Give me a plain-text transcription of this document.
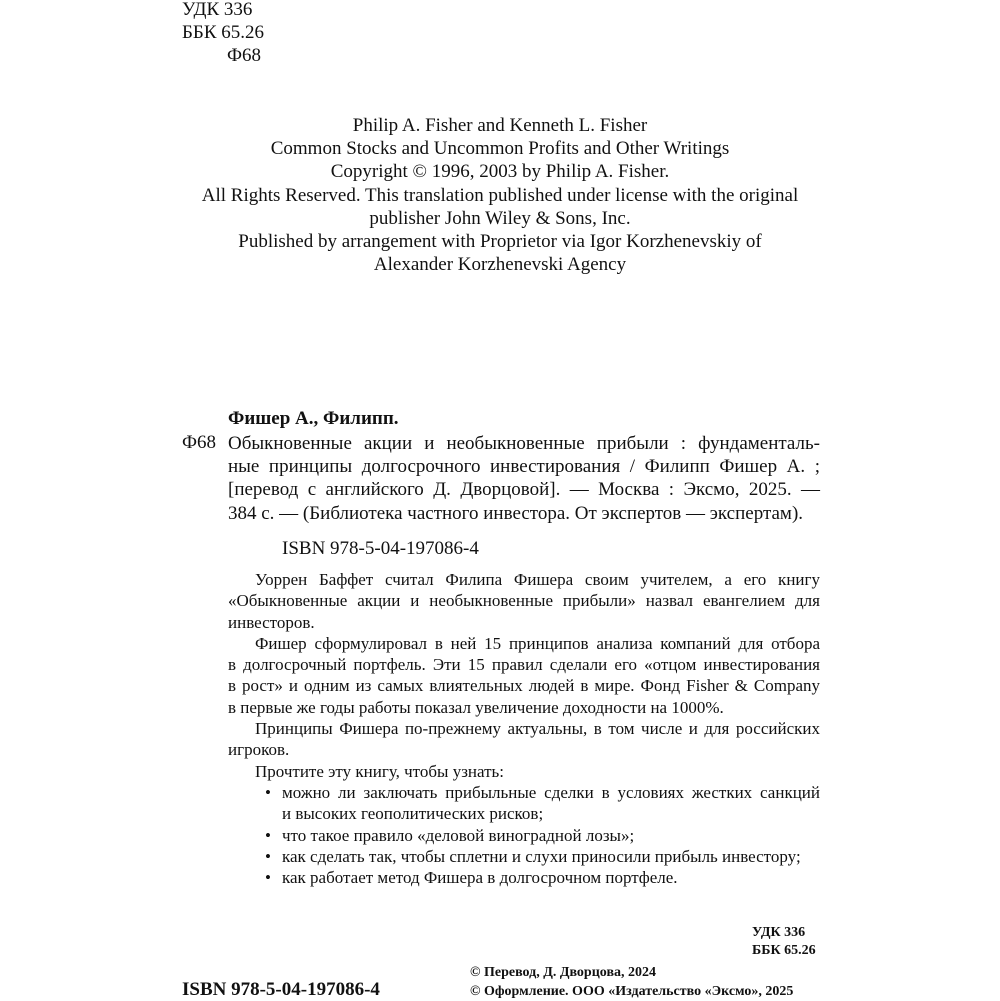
УДК 336
ББК 65.26
Ф68
Philip A. Fisher and Kenneth L. Fisher
Common Stocks and Uncommon Profits and Other Writings
Copyright © 1996, 2003 by Philip A. Fisher.
All Rights Reserved. This translation published under license with the original
publisher John Wiley & Sons, Inc.
Published by arrangement with Proprietor via Igor Korzhenevskiy of
Alexander Korzhenevski Agency
Фишер А., Филипп.
Ф68 Обыкновенные акции и необыкновенные прибыли : фундаменталь-
ные принципы долгосрочного инвестирования / Филипп Фишер А. ;
[перевод с английского Д. Дворцовой]. — Москва : Эксмо, 2025. —
384 с. — (Библиотека частного инвестора. От экспертов — экспертам).
ISBN 978-5-04-197086-4
Уоррен Баффет считал Филипа Фишера своим учителем, а его книгу
«Обыкновенные акции и необыкновенные прибыли» назвал евангелием для
инвесторов.
Фишер сформулировал в ней 15 принципов анализа компаний для отбора
в долгосрочный портфель. Эти 15 правил сделали его «отцом инвестирования
в рост» и одним из самых влиятельных людей в мире. Фонд Fisher & Company
в первые же годы работы показал увеличение доходности на 1000%.
Принципы Фишера по-прежнему актуальны, в том числе и для российских
игроков.
Прочтите эту книгу, чтобы узнать:
• можно ли заключать прибыльные сделки в условиях жестких санкций
и высоких геополитических рисков;
• что такое правило «деловой виноградной лозы»;
• как сделать так, чтобы сплетни и слухи приносили прибыль инвестору;
• как работает метод Фишера в долгосрочном портфеле.
УДК 336
ББК 65.26
© Перевод, Д. Дворцова, 2024
© Оформление. ООО «Издательство «Эксмо», 2025
ISBN 978-5-04-197086-4
